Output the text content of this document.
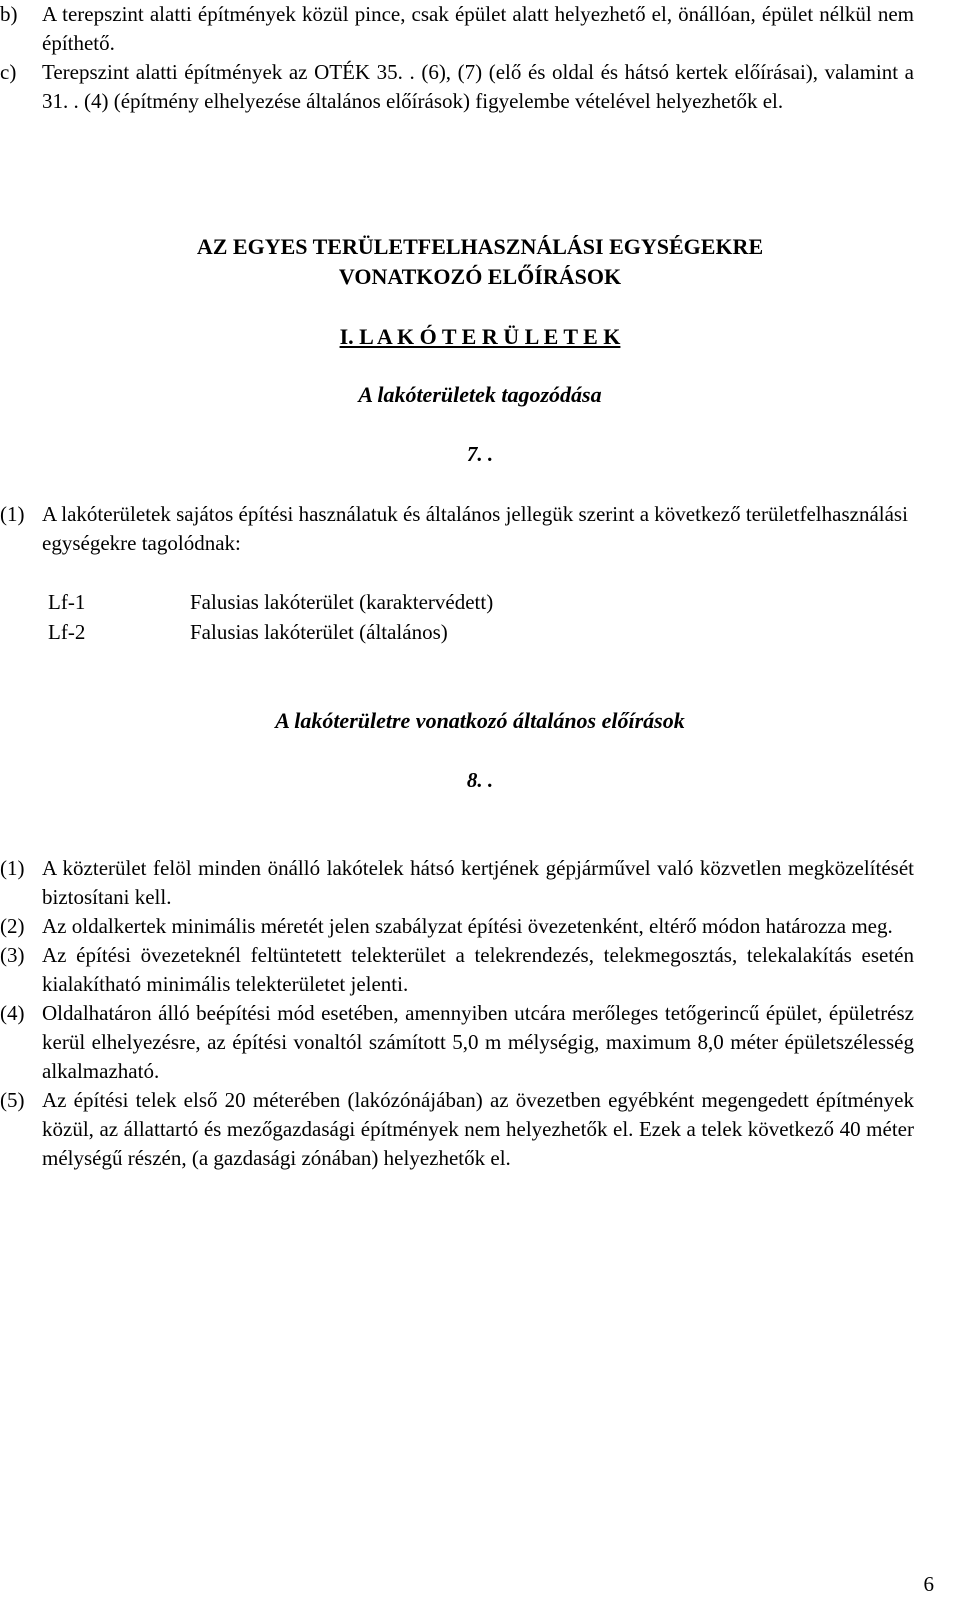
b) A terepszint alatti építmények közül pince, csak épület alatt helyezhető el, önállóan, épület nélkül nem építhető.
c) Terepszint alatti építmények az OTÉK 35. . (6), (7) (elő és oldal és hátsó kertek előírásai), valamint a 31. . (4) (építmény elhelyezése általános előírások) figyelembe vételével helyezhetők el.
AZ EGYES TERÜLETFELHASZNÁLÁSI EGYSÉGEKRE
VONATKOZÓ ELŐÍRÁSOK
I. L A K Ó T E R Ü L E T E K
A lakóterületek tagozódása
7. .
(1) A lakóterületek sajátos építési használatuk és általános jellegük szerint a következő területfelhasználási egységekre tagolódnak:
Lf-1	Falusias lakóterület (karaktervédett)
Lf-2	Falusias lakóterület (általános)
A lakóterületre vonatkozó általános előírások
8. .
(1) A közterület felöl minden önálló lakótelek hátsó kertjének gépjárművel való közvetlen megközelítését biztosítani kell.
(2) Az oldalkertek minimális méretét jelen szabályzat építési övezetenként, eltérő módon határozza meg.
(3) Az építési övezeteknél feltüntetett telekterület a telekrendezés, telekmegosztás, telekalakítás esetén kialakítható minimális telekterületet jelenti.
(4) Oldalhatáron álló beépítési mód esetében, amennyiben utcára merőleges tetőgerincű épület, épületrész kerül elhelyezésre, az építési vonaltól számított 5,0 m mélységig, maximum 8,0 méter épületszélesség alkalmazható.
(5) Az építési telek első 20 méterében (lakózónájában) az övezetben egyébként megengedett építmények közül, az állattartó és mezőgazdasági építmények nem helyezhetők el. Ezek a telek következő 40 méter mélységű részén, (a gazdasági zónában) helyezhetők el.
6
